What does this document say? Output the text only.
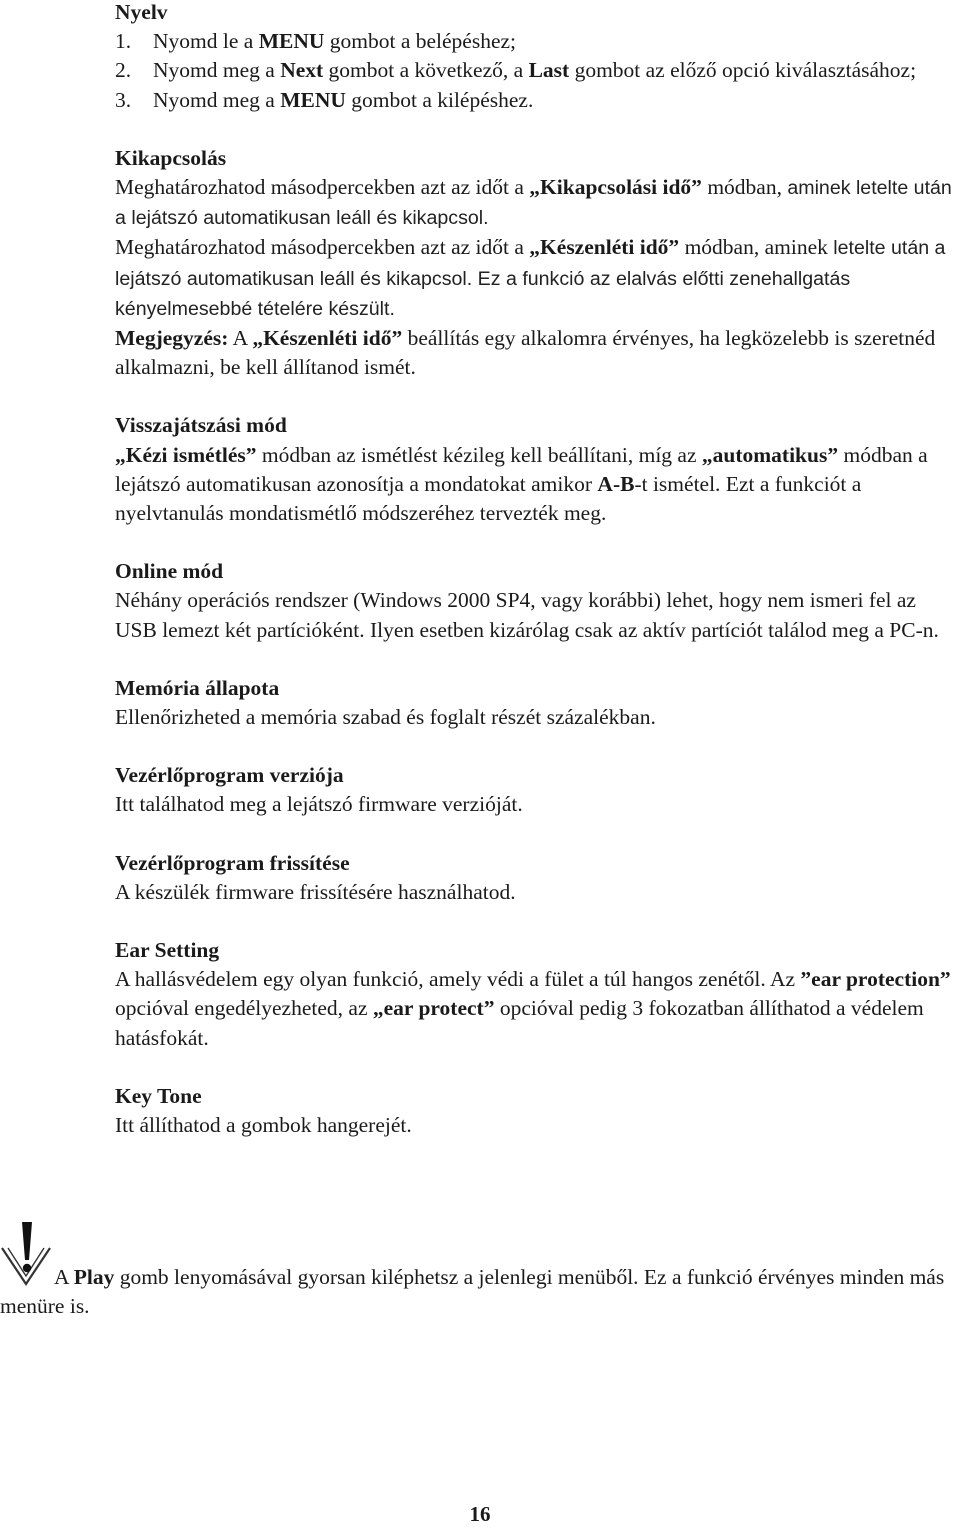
Nyelv
1. Nyomd le a MENU gombot a belépéshez;
2. Nyomd meg a Next gombot a következő, a Last gombot az előző opció kiválasztásához;
3. Nyomd meg a MENU gombot a kilépéshez.
Kikapcsolás

Meghatározhatod másodpercekben azt az időt a „Kikapcsolási idő” módban, aminek letelte után a lejátszó automatikusan leáll és kikapcsol.

Meghatározhatod másodpercekben azt az időt a „Készenléti idő” módban, aminek letelte után a lejátszó automatikusan leáll és kikapcsol. Ez a funkció az elalvás előtti zenehallgatás kényelmesebbé tételére készült.

Megjegyzés: A „Készenléti idő” beállítás egy alkalomra érvényes, ha legközelebb is szeretnéd alkalmazni, be kell állítanod ismét.

Visszajátszási mód

„Kézi ismétlés” módban az ismétlést kézileg kell beállítani, míg az „automatikus” módban a lejátszó automatikusan azonosítja a mondatokat amikor A-B-t ismétel. Ezt a funkciót a nyelvtanulás mondatismétlő módszeréhez tervezték meg.

Online mód

Néhány operációs rendszer (Windows 2000 SP4, vagy korábbi) lehet, hogy nem ismeri fel az USB lemezt két partícióként. Ilyen esetben kizárólag csak az aktív partíciót találod meg a PC-n.

Memória állapota

Ellenőrizheted a memória szabad és foglalt részét százalékban.

Vezérlőprogram verziója

Itt találhatod meg a lejátszó firmware verzióját.

Vezérlőprogram frissítése

A készülék firmware frissítésére használhatod.

Ear Setting

A hallásvédelem egy olyan funkció, amely védi a fület a túl hangos zenétől. Az ”ear protection” opcióval engedélyezheted, az „ear protect” opcióval pedig 3 fokozatban állíthatod a védelem hatásfokát.

Key Tone

Itt állíthatod a gombok hangerejét.

A Play gomb lenyomásával gyorsan kiléphetsz a jelenlegi menüből. Ez a funkció érvényes minden más menüre is.

16
